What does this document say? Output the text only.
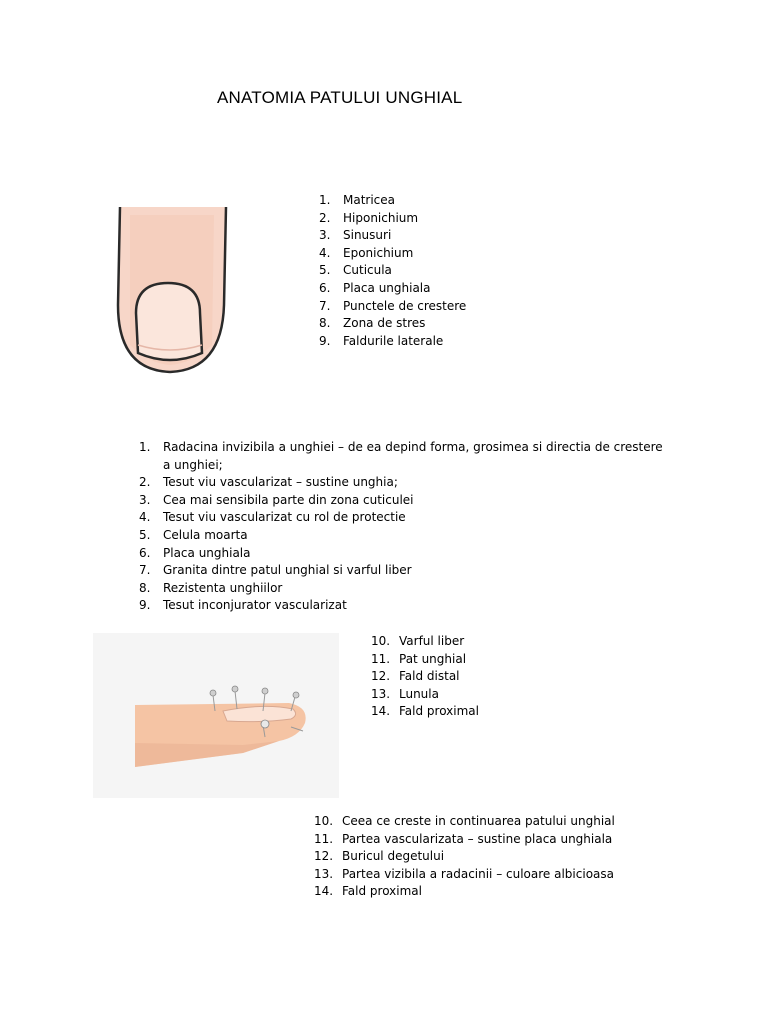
ANATOMIA PATULUI UNGHIAL
1.	Matricea
2.	Hiponichium
3.	Sinusuri
4.	Eponichium
5.	Cuticula
6.	Placa unghiala
7.	Punctele de crestere
8.	Zona de stres
9.	Faldurile laterale
1.	Radacina invizibila a unghiei – de ea depind forma, grosimea si directia de crestere a unghiei;
2.	Tesut viu vascularizat – sustine unghia;
3.	Cea mai sensibila parte din zona cuticulei
4.	Tesut viu vascularizat cu rol de protectie
5.	Celula moarta
6.	Placa unghiala
7.	Granita dintre patul unghial si varful liber
8.	Rezistenta unghiilor
9.	Tesut inconjurator vascularizat
10. Varful liber
11. Pat unghial
12. Fald distal
13. Lunula
14. Fald proximal
10. Ceea ce creste in continuarea patului unghial
11. Partea vascularizata – sustine placa unghiala
12. Buricul degetului
13. Partea vizibila a radacinii – culoare albicioasa
14. Fald proximal
